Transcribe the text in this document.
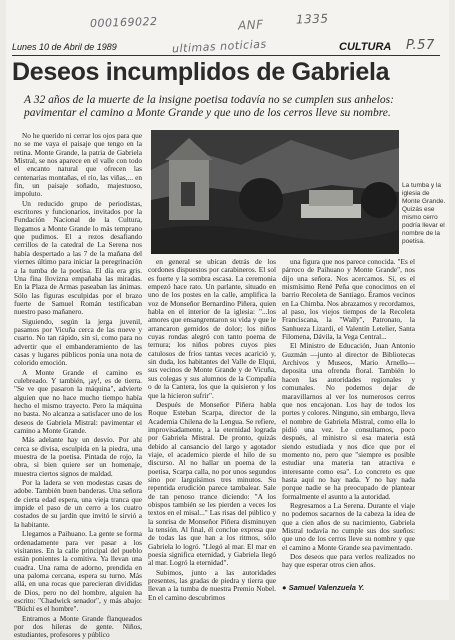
000169022	ANF	1335
ultimas noticias	P.57
Lunes 10 de Abril de 1989	CULTURA
Deseos incumplidos de Gabriela
A 32 años de la muerte de la insigne poetisa todavía no se cumplen sus anhelos: pavimentar el camino a Monte Grande y que uno de los cerros lleve su nombre.

No he querido ni cerrar los ojos para que no se me vaya el paisaje que tengo en la retina. Monte Grande, la patria de Gabriela Mistral, se nos aparece en el valle con todo el encanto natural que ofrecen las centenarias montañas, el río, las viñas,... en fin, un paisaje soñado, majestuoso, impoluto.

Un reducido grupo de periodistas, escritores y funcionarios, invitados por la Fundación Nacional de la Cultura, llegamos a Monte Grande lo más temprano que pudimos. El a rezos desafiando cerrillos de la catedral de La Serena nos había despertado a las 7 de la mañana del viernes último para iniciar la peregrinación a la tumba de la poetisa. El día era gris. Una fina llovizna empañaba las miradas. En la Plaza de Armas paseaban las ánimas. Sólo las figuras esculpidas por el brazo fuerte de Samuel Román testificaban nuestro paso mañanero.

Siguiendo, según la jerga juvenil, pasamos por Vicuña cerca de las nueve y cuarto. No tan rápido, sin sí, como para no advertir que el embanderamiento de las casas y lugares públicos ponía una nota de colorido emoción.

A Monte Grande el camino es culebreado. Y también, ¡ay!, es de tierra. "Se ve que pasaron la máquina", advierte alguien que no hace mucho tiempo había hecho el mismo trayecto. Pero la máquina no basta. No alcanza a satisfacer uno de los deseos de Gabriela Mistral: pavimentar el camino a Monte Grande.

Más adelante hay un desvío. Por ahí cerca se divisa, esculpida en la piedra, una muestra de la poetisa. Pintada de rojo, la obra, si bien quiere ser un homenaje, muestra ciertos signos de maldad.

Por la ladera se ven modestas casas de adobe. También buen banderas. Una señora de cierta edad espera, una vieja tranca que impide el paso de un cerro a los cuatro costados de su jardín que invitó le sirvió a la habitante.

Llegamos a Paihuano. La gente se forma ordenadamente para ver pasar a los visitantes. En la calle principal del pueblo están ponientes la comitiva. Ya llevan una cuadra. Una rama de adorno, prendida en una paloma cercana, espera su turno. Más allá, en una rocas que parecieran divididas de Dios, pero no del hombre, alguien ha escrito: "Chadwick senador", y más abajo: "Büchi es el hombre".

Entramos a Monte Grande flanqueados por dos hileras de gente. Niños, estudiantes, profesores y público

La tumba y la iglesia de Monte Grande. Quizás ese mismo cerro podría llevar el nombre de la poetisa.

en general se ubican detrás de los cordones dispuestos por carabineros. El sol es fuerte y la sombra escasa. La ceremonia empezó hace rato. Un parlante, situado en uno de los postes en la calle, amplifica la voz de Monseñor Bernardino Piñera, quien habla en el interior de la iglesia: "...los amores que ensangrentaron su vida y que le arrancaron gemidos de dolor; los niños cuyas rondas alegró con tanto poema de ternura; los niños pobres cuyos pies catulosos de fríos tantas veces acarició y, sin duda, los habitantes del Valle de Elqui, sus vecinos de Monte Grande y de Vicuña, sus colegas y sus alumnos de la Compañía o de la Cantera, los que la quisieron y los que la hicieron sufrir".

Después de Monseñor Piñera habla Roque Esteban Scarpa, director de la Academia Chilena de la Lengua. Se refiere, improvisadamente, a la eternidad lograda por Gabriela Mistral. De pronto, quizás debido al cansancio del largo y agotador viaje, el academico pierde el hilo de su discurso. Al no hallar un poema de la poetisa, Scarpa calla, no por unos segundos sino por larguísimos tres minutos. Su repentida erudición parece tambalear. Sale de tan penoso trance diciendo: "A los obispos también se les pierden a veces los textos en el misal..." Las risas del público y la sonrisa de Monseñor Piñera disminuyen la tensión. Al final, él conclue expresa que de todas las que han a los ritmos, sólo Gabriela lo logró. "Llegó al mar. El mar en poesía significa eternidad, y Gabriela llegó al mar. Logró la eternidad".

Subimos, junto a las autoridades presentes, las gradas de piedra y tierra que llevan a la tumba de nuestra Premio Nobel. En el camino descubrimos

una figura que nos parece conocida. "Es el párroco de Paihuano y Monte Grande", nos dijo una señora. Nos acercamos. Sí, es el mismísimo René Peña que conocimos en el barrio Recoleta de Santiago. Éramos vecinos en La Chimba. Nos abrazamos y recordamos, al paso, los viejos tiempos de la Recoleta Franciscana, la "Wally", Patronato, la Sanhueza Lizardi, el Valentín Letelier, Santa Filomena, Dávila, la Vega Central...

El Ministro de Educación, Juan Antonio Guzmán —junto al director de Bibliotecas Archivos y Museos, Mario Arnello— deposita una ofrenda floral. También lo hacen las autoridades regionales y comunales. No podemos dejar de maravillarnos al ver los numerosos cerros que nos encajonan. Los hay de todos los portes y colores. Ninguno, sin embargo, lleva el nombre de Gabriela Mistral, como ella lo pidió una vez. Le consultamos, poco después, al ministro si esa materia está siendo estudiada y nos dice que por el momento no, pero que "siempre es posible estudiar una materia tan atractiva e interesante como esa". Lo concreto es que hasta aquí no hay nada. Y no hay nada porque nadie se ha preocupado de plantear formalmente el asunto a la autoridad.

Regresamos a La Serena. Durante el viaje no podemos sacarnos de la cabeza la idea de que a cien años de su nacimiento, Gabriela Mistral todavía no cumple sus dos sueños: que uno de los cerros lleve su nombre y que el camino a Monte Grande sea pavimentado.

Dos deseos que para verlos realizados no hay que esperar otros cien años.

● Samuel Valenzuela Y.
